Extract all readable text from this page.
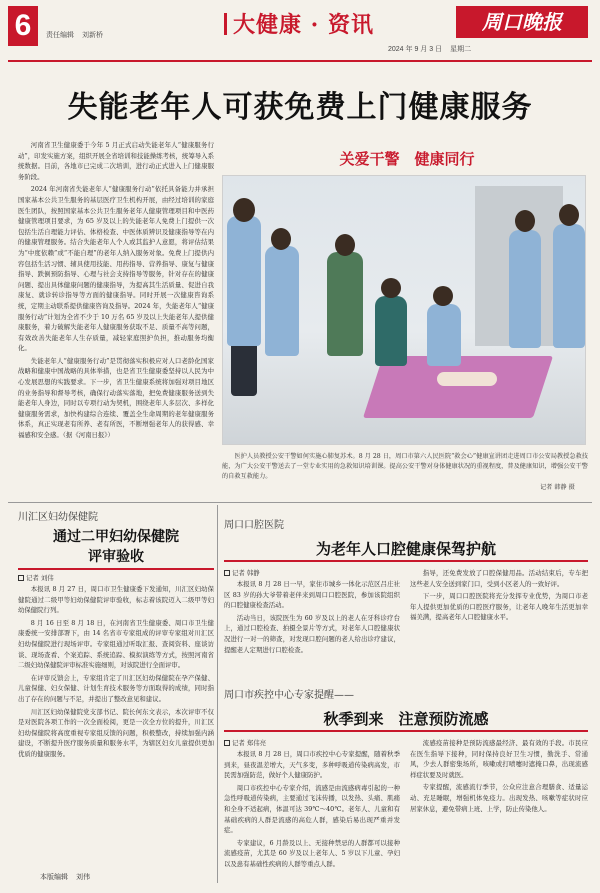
6	责任编辑 刘新桥	大健康 · 资讯	周口晚报
2024 年 9 月 3 日 星期二
失能老年人可获免费上门健康服务

河南省卫生健康委于今年 5 月正式启动失能老年人“健康服务行动”，印发实施方案，组织开展全省培训和技能操练考核，统筹导入系统数据。目前，各地市已完成二次培训，进行动正式进入上门健康服务阶段。

2024 年河南省失能老年人“健康服务行动”依托具备能力并承担国家基本公共卫生服务的基层医疗卫生机构开展，由经过培训的家庭医生团队，按照国家基本公共卫生服务老年人健康管理项目和中医药健康管理项目要求，为 65 岁及以上的失能老年人免费上门提供一次包括生活自理能力评估、体格检查、中医体质辨识及健康指导等在内的健康管理服务。结合失能老年人个人或其监护人意愿，将评估结果为“中度依赖”或“不能自理”的老年人纳入服务对象。免费上门提供内容包括生活习惯、辅具使用技能、用药指导、营养指导、康复与健康指导、跌倒预防指导、心理与社会支持指导等服务，针对存在的健康问题、提出具体健康问题的健康指导，为提高其生活质量、促进自我康复、就诊转诊指导等方面的健康指导。同时开展一次健康咨询系统，定期主动联系提供健康咨询及指导。2024 年，失能老年人“健康服务行动”计划为全省不少于 10 万名 65 岁及以上失能老年人提供健康服务，着力破解失能老年人健康服务获取不足、质量不高等问题，有效改善失能老年人生存质量，减轻家庭照护负担，推动服务均衡化。

失能老年人“健康服务行动”是贯彻落实积极应对人口老龄化国家战略和健康中国战略的具体举措，也是省卫生健康委坚持以人民为中心发展思想的实践要求。下一步，省卫生健康系统将加强对项目地区的业务指导和督导考核，确保行动落实落地，把免费健康服务送到失能老年人身边，同时以专项行动为契机，围绕老年人多层次、多样化健康服务需求，加快构建综合连续、覆盖全生命周期的老年健康服务体系，真正实现老有所养、老有所医，不断增强老年人的获得感、幸福感和安全感。（据《河南日报》）

关爱干警　健康同行
医护人员教授公安干警如何实施心肺复苏术。8 月 28 日，周口市第六人民医院“救会心”健康宣讲团走进周口市公安局教授急救技能，为广大公安干警送去了一堂专业实用的急救知识培训课。提高公安干警对身体健康状况的重视程度，普及健康知识，增强公安干警的自救互救能力。
记者 韩静 摄
川汇区妇幼保健院
通过二甲妇幼保健院
评审验收
记者 刘伟

本报讯 8 月 27 日，周口市卫生健康委下发通知，川汇区妇幼保健院通过二级甲等妇幼保健院评审验收，标志着该院迈入二级甲等妇幼保健院行列。

8 月 16 日至 8 月 18 日，在河南省卫生健康委、周口市卫生健康委统一安排部署下，由 14 名省市专家组成的评审专家组对川汇区妇幼保健院进行现场评审。专家组通过听取汇报、查阅资料、座谈访谈、现场查看、个案追踪、系统追踪、模拟演练等方式，按照河南省二级妇幼保健院评审标准实施细则，对该院进行全面评审。

在评审反馈会上，专家组肯定了川汇区妇幼保健院在孕产保健、儿童保健、妇女保健、计划生育技术服务等方面取得的成绩，同时指出了存在的问题与不足，并提出了整改意见和建议。

川汇区妇幼保健院党支部书记、院长何东文表示，本次评审不仅是对医院各项工作的一次全面检阅，更是一次全方位的提升，川汇区妇幼保健院将高度重视专家组反馈的问题，积极整改，持续加强内涵建设，不断提升医疗服务质量和服务水平，为辖区妇女儿童提供更加优质的健康服务。

周口口腔医院
为老年人口腔健康保驾护航
记者 韩静

本报讯 8 月 28 日一早，家住市城乡一体化示范区吕庄社区 83 岁的孙大爷带着老伴来到周口口腔医院，参加该院组织的口腔健康检查活动。

活动当日，该院医生为 60 岁及以上的老人在牙科诊疗台上，通过口腔检查、拍摄全景片等方式，对老年人口腔健康状况进行一对一的筛查，对发现口腔问题的老人给出诊疗建议，提醒老人定期进行口腔检查。

指导，还免费发放了口腔保健用品。活动结束后，专车把这些老人安全送到家门口，受到小区老人的一致好评。

下一步，周口口腔医院将充分发挥专业优势，为周口市老年人提供更加优质的口腔医疗服务，让老年人晚年生活更加幸福美满，提高老年人口腔健康水平。

周口市疾控中心专家提醒——
秋季到来　注意预防流感
记者 郑伟亮

本报讯 8 月 28 日，周口市疾控中心专家提醒，随着秋季到来，昼夜温差增大，天气多变，多种呼吸道传染病高发，市民需加强防范，做好个人健康防护。

周口市疾控中心专家介绍，流感是由流感病毒引起的一种急性呼吸道传染病，主要通过飞沫传播，以发热、头痛、肌痛和全身不适起病，体温可达 39℃～40℃。老年人、儿童和有基础疾病的人群是流感的高危人群，感染后易出现严重并发症。

专家建议，6 月龄及以上、无接种禁忌的人群都可以接种流感疫苗，尤其是 60 岁及以上老年人、5 岁以下儿童、孕妇以及患有基础性疾病的人群等重点人群。

流感疫苗接种是预防流感最经济、最有效的手段。市民应在医生指导下接种，同时保持良好卫生习惯，勤洗手、常通风，少去人群密集场所，咳嗽或打喷嚏时遮掩口鼻，出现流感样症状要及时就医。

专家提醒，流感流行季节，公众应注意合理膳食、适量运动、充足睡眠，增强机体免疫力。出现发热、咳嗽等症状时应居家休息，避免带病上班、上学，防止传染他人。

本版编辑 刘伟
